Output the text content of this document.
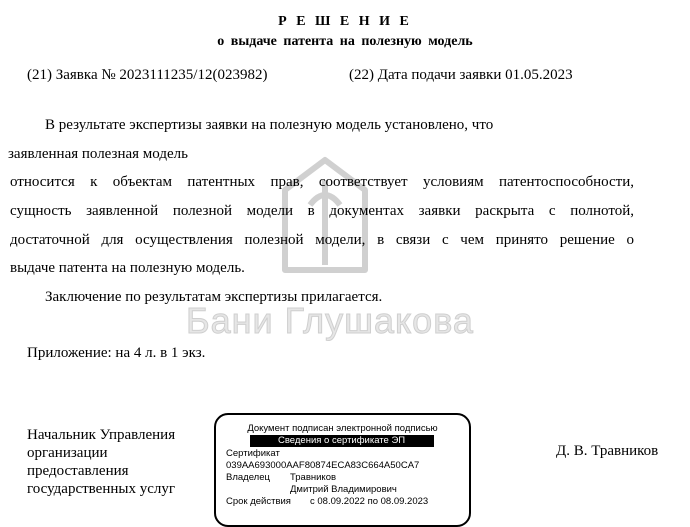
Р Е Ш Е Н И Е
о выдаче патента на полезную модель
(21) Заявка № 2023111235/12(023982)	(22) Дата подачи заявки 01.05.2023
В результате экспертизы заявки на полезную модель установлено, что
заявленная полезная модель
относится к объектам патентных прав, соответствует условиям патентоспособности,
сущность заявленной полезной модели в документах заявки раскрыта с полнотой,
достаточной для осуществления полезной модели, в связи с чем принято решение о
выдаче патента на полезную модель.
Заключение по результатам экспертизы прилагается.
Бани Глушакова
Приложение: на 4 л. в 1 экз.
Начальник Управления организации предоставления государственных услуг
Документ подписан электронной подписью
Сведения о сертификате ЭП
Сертификат
039AA693000AAF80874ECA83C664A50CA7
Владелец Травников
Дмитрий Владимирович
Срок действия с 08.09.2022 по 08.09.2023
Д. В. Травников
